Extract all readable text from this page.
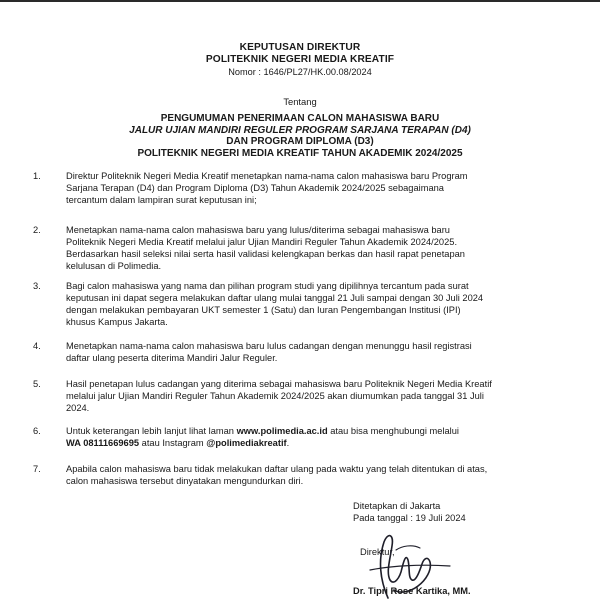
KEPUTUSAN DIREKTUR
POLITEKNIK NEGERI MEDIA KREATIF
Nomor : 1646/PL27/HK.00.08/2024
Tentang
PENGUMUMAN PENERIMAAN CALON MAHASISWA BARU
JALUR UJIAN MANDIRI REGULER PROGRAM SARJANA TERAPAN (D4)
DAN PROGRAM DIPLOMA (D3)
POLITEKNIK NEGERI MEDIA KREATIF TAHUN AKADEMIK 2024/2025
1.	Direktur Politeknik Negeri Media Kreatif menetapkan nama-nama calon mahasiswa baru Program
Sarjana Terapan (D4) dan Program Diploma (D3) Tahun Akademik 2024/2025 sebagaimana
tercantum dalam lampiran surat keputusan ini;
2.	Menetapkan nama-nama calon mahasiswa baru yang lulus/diterima sebagai mahasiswa baru
Politeknik Negeri Media Kreatif melalui jalur Ujian Mandiri Reguler Tahun Akademik 2024/2025.
Berdasarkan hasil seleksi nilai serta hasil validasi kelengkapan berkas dan hasil rapat penetapan
kelulusan di Polimedia.
3.	Bagi calon mahasiswa yang nama dan pilihan program studi yang dipilihnya tercantum pada surat
keputusan ini dapat segera melakukan daftar ulang mulai tanggal 21 Juli sampai dengan 30 Juli 2024
dengan melakukan pembayaran UKT semester 1 (Satu) dan Iuran Pengembangan Institusi (IPI)
khusus Kampus Jakarta.
4.	Menetapkan nama-nama calon mahasiswa baru lulus cadangan dengan menunggu hasil registrasi
daftar ulang peserta diterima Mandiri Jalur Reguler.
5.	Hasil penetapan lulus cadangan yang diterima sebagai mahasiswa baru Politeknik Negeri Media Kreatif
melalui jalur Ujian Mandiri Reguler Tahun Akademik 2024/2025 akan diumumkan pada tanggal 31 Juli
2024.
6.	Untuk keterangan lebih lanjut lihat laman www.polimedia.ac.id atau bisa menghubungi melalui
WA 08111669695 atau Instagram @polimediakreatif.
7.	Apabila calon mahasiswa baru tidak melakukan daftar ulang pada waktu yang telah ditentukan di atas,
calon mahasiswa tersebut dinyatakan mengundurkan diri.
Ditetapkan di Jakarta
Pada tanggal : 19 Juli 2024
Direktur,
Dr. Tipri Rose Kartika, MM.
